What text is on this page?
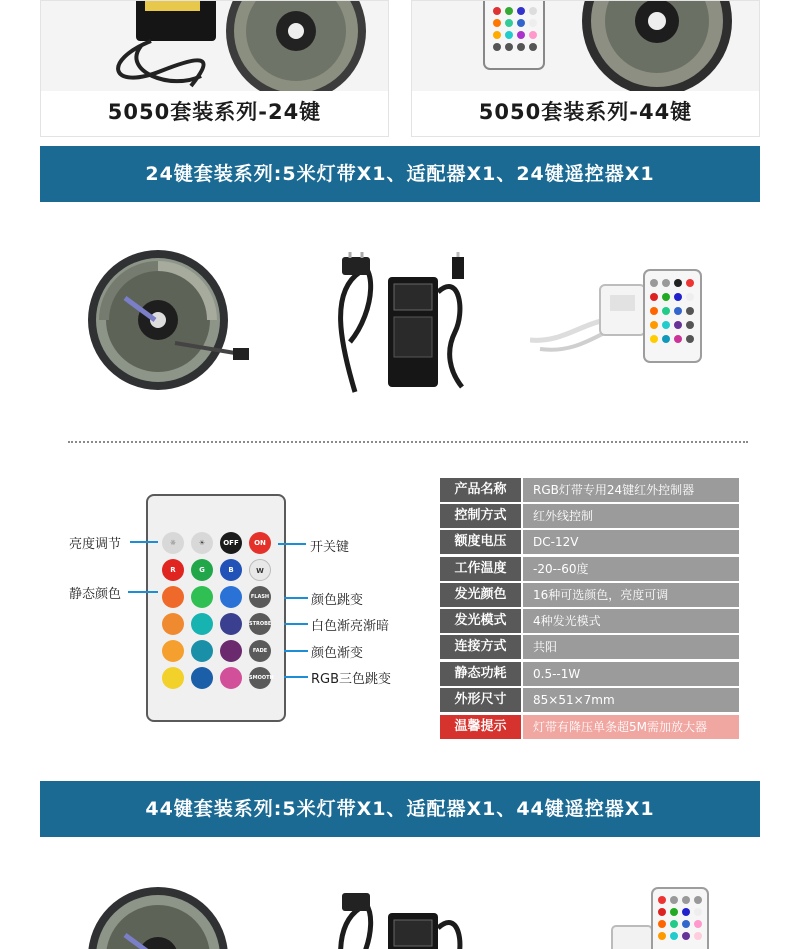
5050套装系列-24键	5050套装系列-44键
24键套装系列:5米灯带X1、适配器X1、24键遥控器X1
☼	☀	OFF	ON
R	G	B	W
FLASH
STROBE
FADE
SMOOTH
亮度调节
静态颜色
开关键
颜色跳变
白色渐亮渐暗
颜色渐变
RGB三色跳变
产品名称	RGB灯带专用24键红外控制器
控制方式	红外线控制
额度电压	DC-12V
工作温度	-20--60度
发光颜色	16种可选颜色，亮度可调
发光模式	4种发光模式
连接方式	共阳
静态功耗	0.5--1W
外形尺寸	85×51×7mm
温馨提示	灯带有降压单条超5M需加放大器
44键套装系列:5米灯带X1、适配器X1、44键遥控器X1
